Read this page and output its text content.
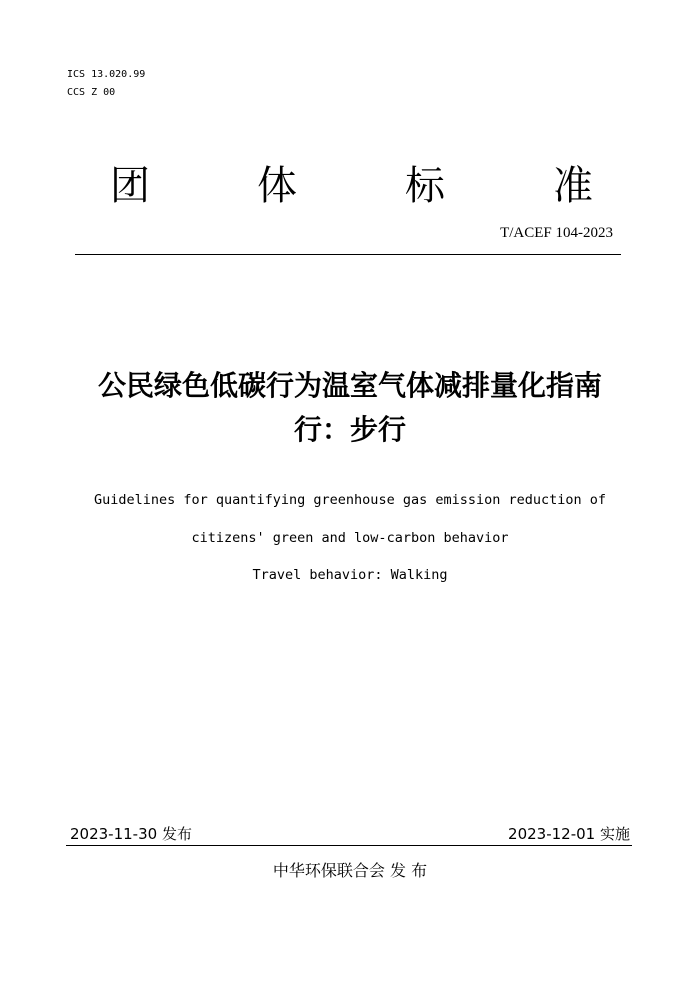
ICS 13.020.99
CCS Z 00
团	体	标	准
T/ACEF 104-2023
公民绿色低碳行为温室气体减排量化指南
行：步行
Guidelines for quantifying greenhouse gas emission reduction of
citizens' green and low-carbon behavior
Travel behavior: Walking
2023-11-30 发布	2023-12-01 实施
中华环保联合会 发 布
